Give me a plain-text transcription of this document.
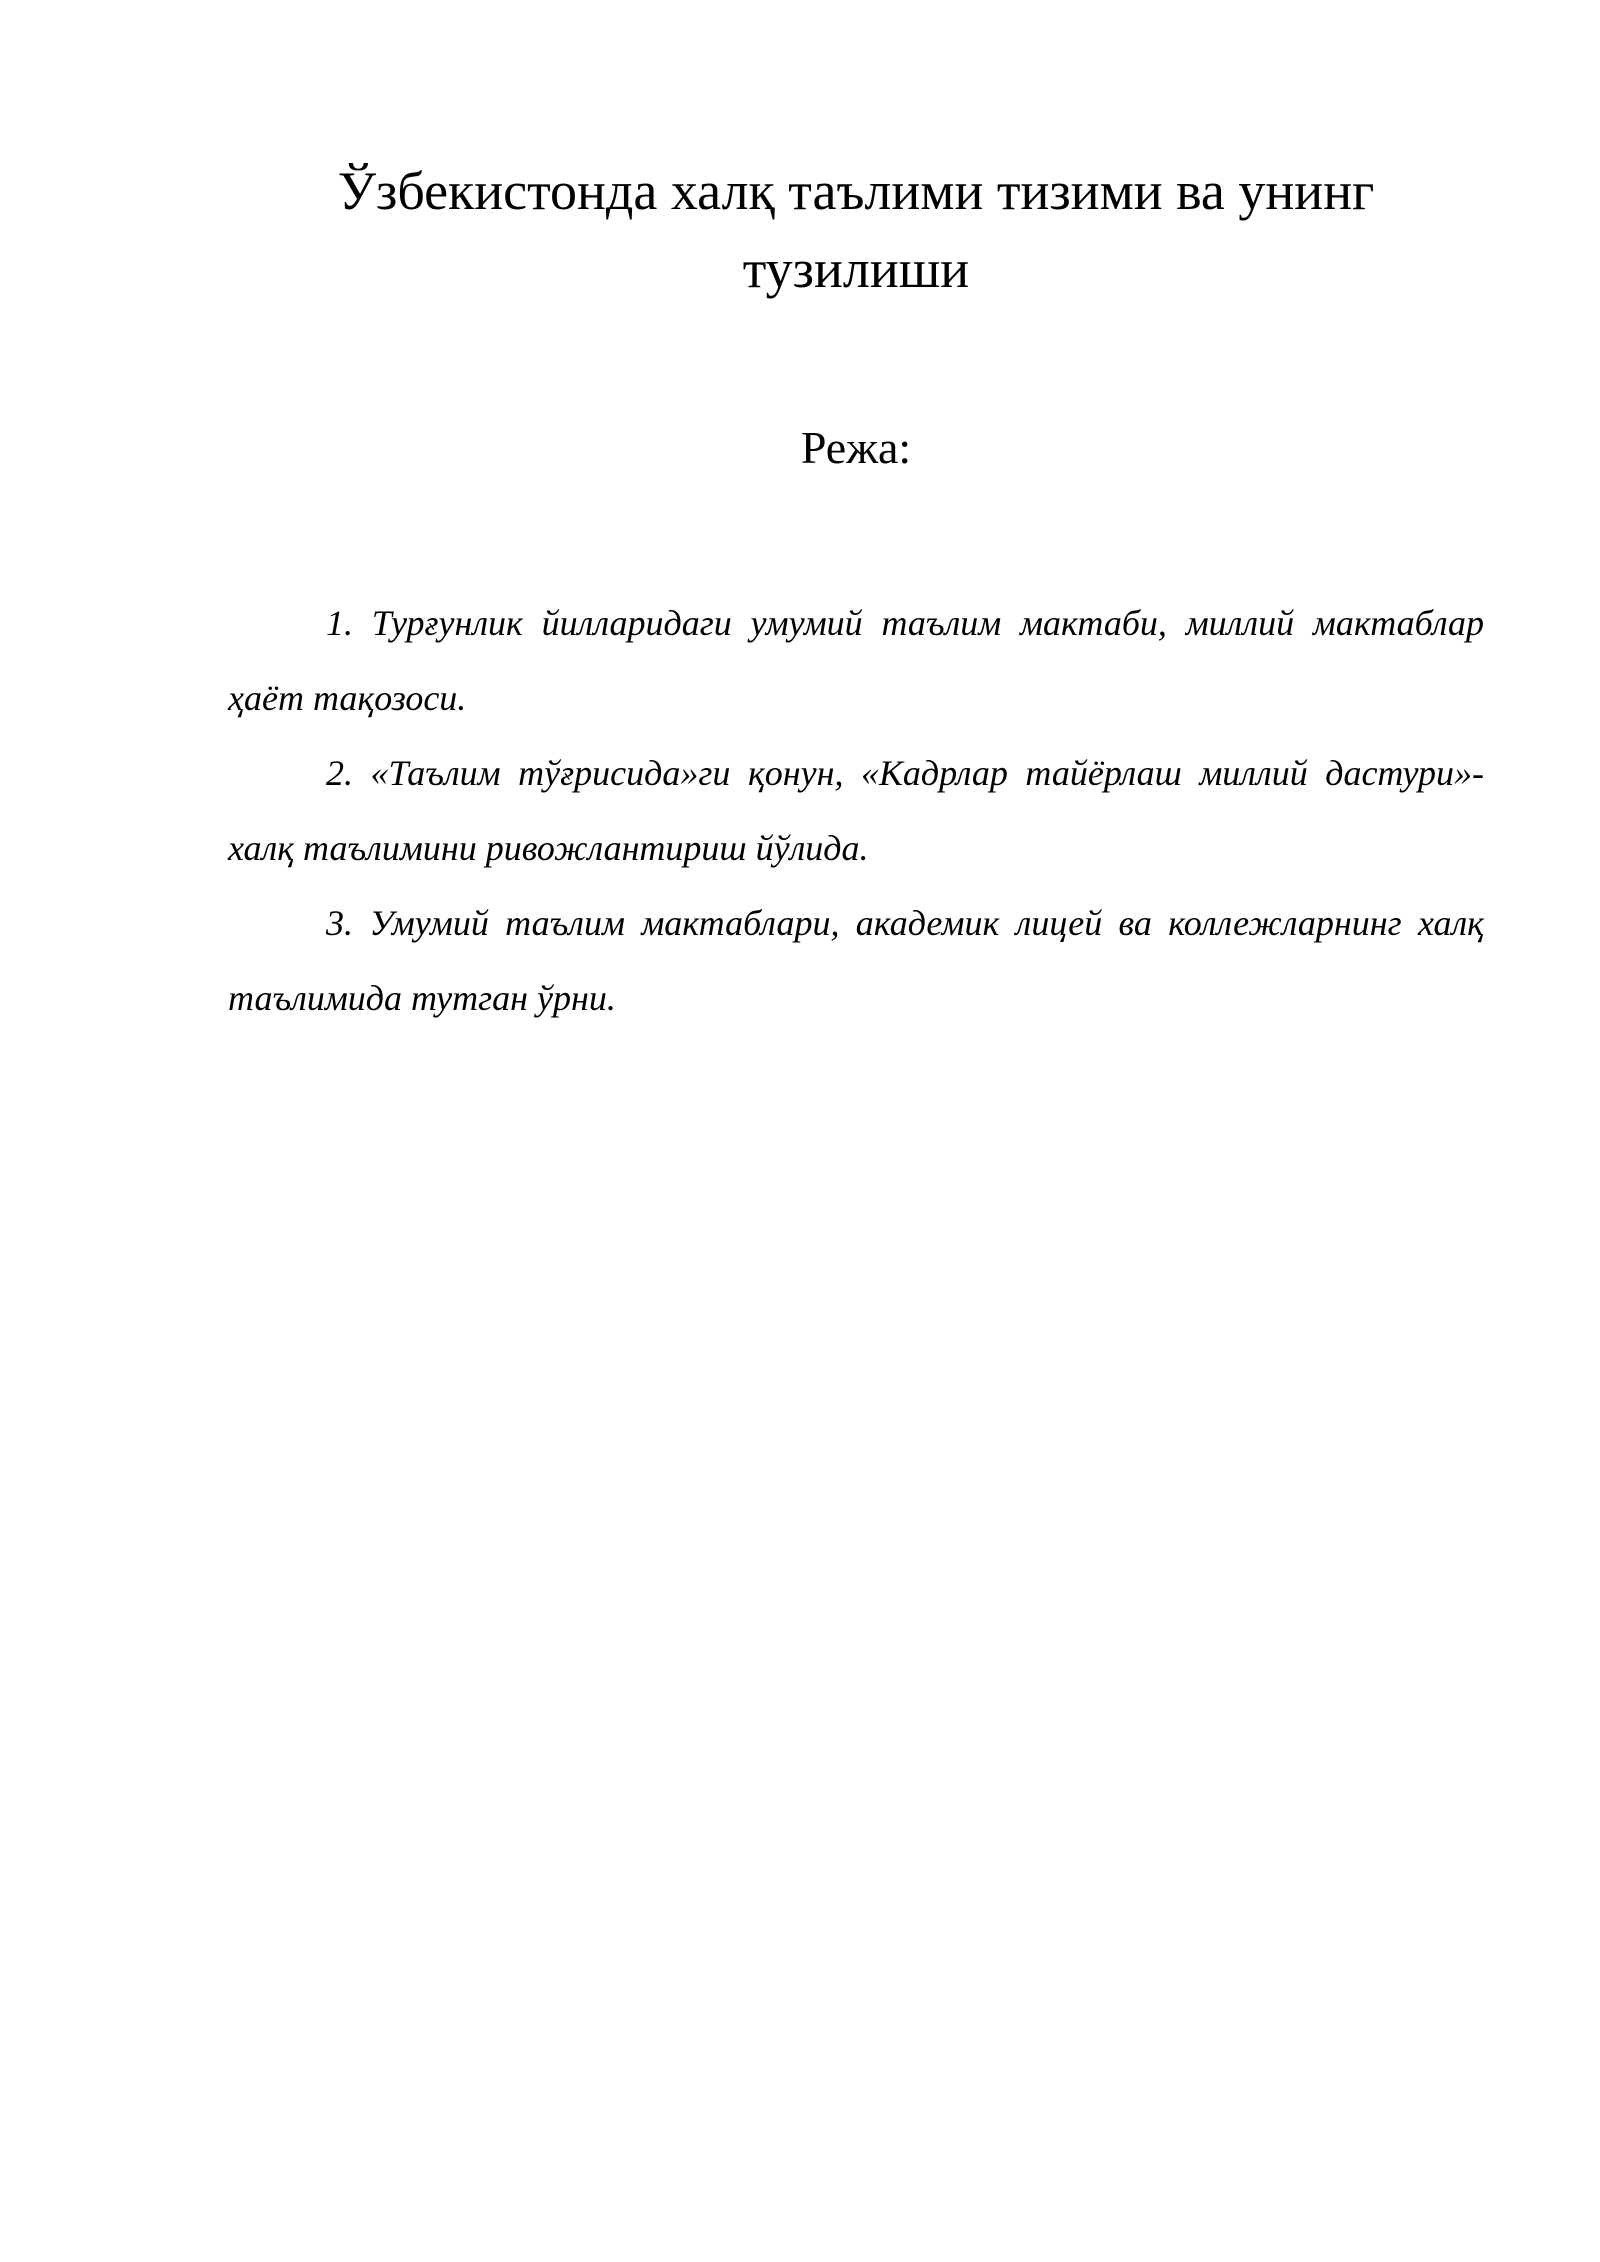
Ўзбекистонда халқ таълими тизими ва унинг тузилиши
Режа:
1. Турғунлик йилларидаги умумий таълим мактаби, миллий мактаблар ҳаёт тақозоси.
2. «Таълим тўғрисида»ги қонун, «Кадрлар тайёрлаш миллий дастури»- халқ таълимини ривожлантириш йўлида.
3. Умумий таълим мактаблари, академик лицей ва коллежларнинг халқ таълимида тутган ўрни.
